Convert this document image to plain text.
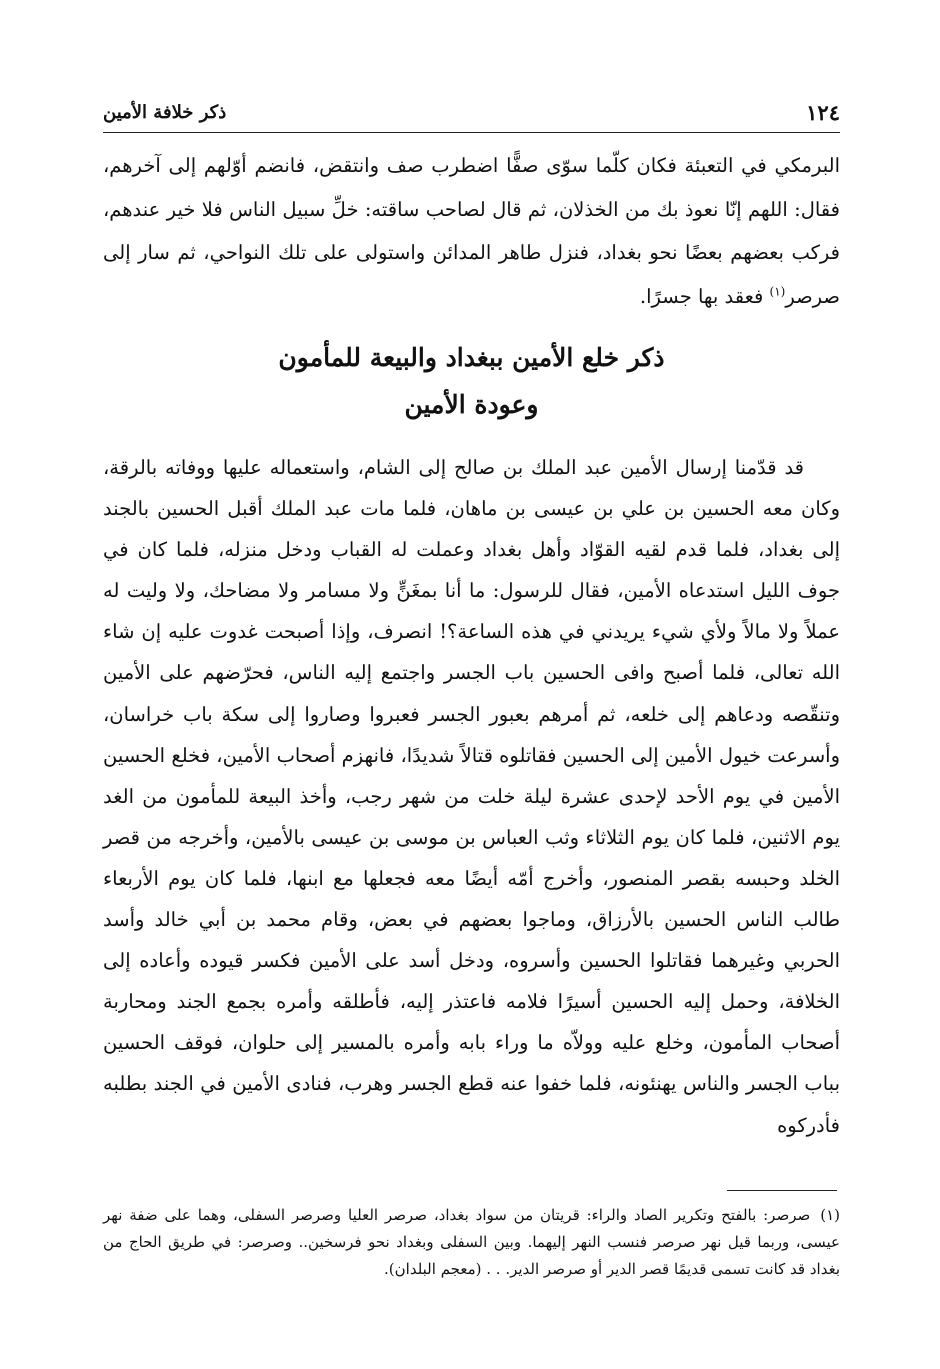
١٢٤
ذكر خلافة الأمين

البرمكي في التعبئة فكان كلّما سوّى صفًّا اضطرب صف وانتقض، فانضم أوّلهم إلى آخرهم، فقال: اللهم إنّا نعوذ بك من الخذلان، ثم قال لصاحب ساقته: خلِّ سبيل الناس فلا خير عندهم، فركب بعضهم بعضًا نحو بغداد، فنزل طاهر المدائن واستولى على تلك النواحي، ثم سار إلى صرصر$^{(١)}$ فعقد بها جسرًا.

ذكر خلع الأمين ببغداد والبيعة للمأمون
وعودة الأمين

قد قدّمنا إرسال الأمين عبد الملك بن صالح إلى الشام، واستعماله عليها ووفاته بالرقة، وكان معه الحسين بن علي بن عيسى بن ماهان، فلما مات عبد الملك أقبل الحسين بالجند إلى بغداد، فلما قدم لقيه القوّاد وأهل بغداد وعملت له القباب ودخل منزله، فلما كان في جوف الليل استدعاه الأمين، فقال للرسول: ما أنا بمغَنٍّ ولا مسامر ولا مضاحك، ولا وليت له عملاً ولا مالاً ولأي شيء يريدني في هذه الساعة؟! انصرف، وإذا أصبحت غدوت عليه إن شاء الله تعالى، فلما أصبح وافى الحسين باب الجسر واجتمع إليه الناس، فحرّضهم على الأمين وتنقّصه ودعاهم إلى خلعه، ثم أمرهم بعبور الجسر فعبروا وصاروا إلى سكة باب خراسان، وأسرعت خيول الأمين إلى الحسين فقاتلوه قتالاً شديدًا، فانهزم أصحاب الأمين، فخلع الحسين الأمين في يوم الأحد لإحدى عشرة ليلة خلت من شهر رجب، وأخذ البيعة للمأمون من الغد يوم الاثنين، فلما كان يوم الثلاثاء وثب العباس بن موسى بن عيسى بالأمين، وأخرجه من قصر الخلد وحبسه بقصر المنصور، وأخرج أمّه أيضًا معه فجعلها مع ابنها، فلما كان يوم الأربعاء طالب الناس الحسين بالأرزاق، وماجوا بعضهم في بعض، وقام محمد بن أبي خالد وأسد الحربي وغيرهما فقاتلوا الحسين وأسروه، ودخل أسد على الأمين فكسر قيوده وأعاده إلى الخلافة، وحمل إليه الحسين أسيرًا فلامه فاعتذر إليه، فأطلقه وأمره بجمع الجند ومحاربة أصحاب المأمون، وخلع عليه وولاّه ما وراء بابه وأمره بالمسير إلى حلوان، فوقف الحسين بباب الجسر والناس يهنئونه، فلما خفوا عنه قطع الجسر وهرب، فنادى الأمين في الجند بطلبه فأدركوه

(١)صرصر: بالفتح وتكرير الصاد والراء: قريتان من سواد بغداد، صرصر العليا وصرصر السفلى، وهما على ضفة نهر عيسى، وربما قيل نهر صرصر فنسب النهر إليهما. وبين السفلى وبغداد نحو فرسخين.. وصرصر: في طريق الحاج من بغداد قد كانت تسمى قديمًا قصر الدير أو صرصر الدير. . . (معجم البلدان).
